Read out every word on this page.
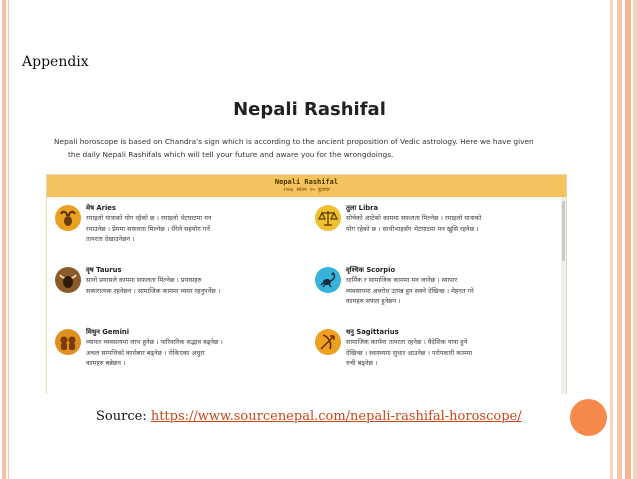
Appendix
Nepali Rashifal
Nepali horoscope is based on Chandra's sign which is according to the ancient proposition of Vedic astrology. Here we have given
the daily Nepali Rashifals which will tell your future and aware you for the wrongdoings.
Nepali Rashifal
२०७६ साउन १५ बुधवार
मेष Aries
रमाइलो यात्राको योग रहेको छ । रमाइलो भेटघाटमा मन
रमाउनेछ । प्रेममा सफलता मिल्नेछ । धैरेले सहयोग गर्ने
तत्परता देखाउनेछन ।
तुला Libra
सोचेको आटेको काममा सफलता मिल्नेछ । रमाइलो यात्राको
योग रहेको छ । साथीभाइसँग भेटघाटमा मन खुसि रहनेछ ।
वृष Taurus
सानो प्रयासले काममा सफलता मिल्नेछ । प्रयासहरु
सकारात्मक रहनेछन । सामाजिक काममा व्यस्त रहनुपर्नेछ ।
वृश्चिक Scorpio
धार्मिक र सामाजिक काममा मन जानेछ । व्यापार
व्यवसायमा अवरोध उत्पन्न हुन सक्ने देखिन्छ । मेहनत गरे
कामहरु सफल हुनेछन ।
मिथुन Gemini
व्यापार व्यवसायमा लाभ हुनेछ । पारिवारिक सद्भाव बढ्नेछ ।
अचल सम्पत्तिको कारोबार बढ्नेछ । रोकिएका अधुरा
कामहरु बन्नेछन ।
धनु Sagittarius
सामाजिक कार्यमा तत्परता रहनेछ । वैदेशिक यात्रा हुने
देखिन्छ । स्वास्थ्यमा सुधार आउनेछ । परोपकारी काममा
रुची बढ्नेछ ।
Source: https://www.sourcenepal.com/nepali-rashifal-horoscope/
